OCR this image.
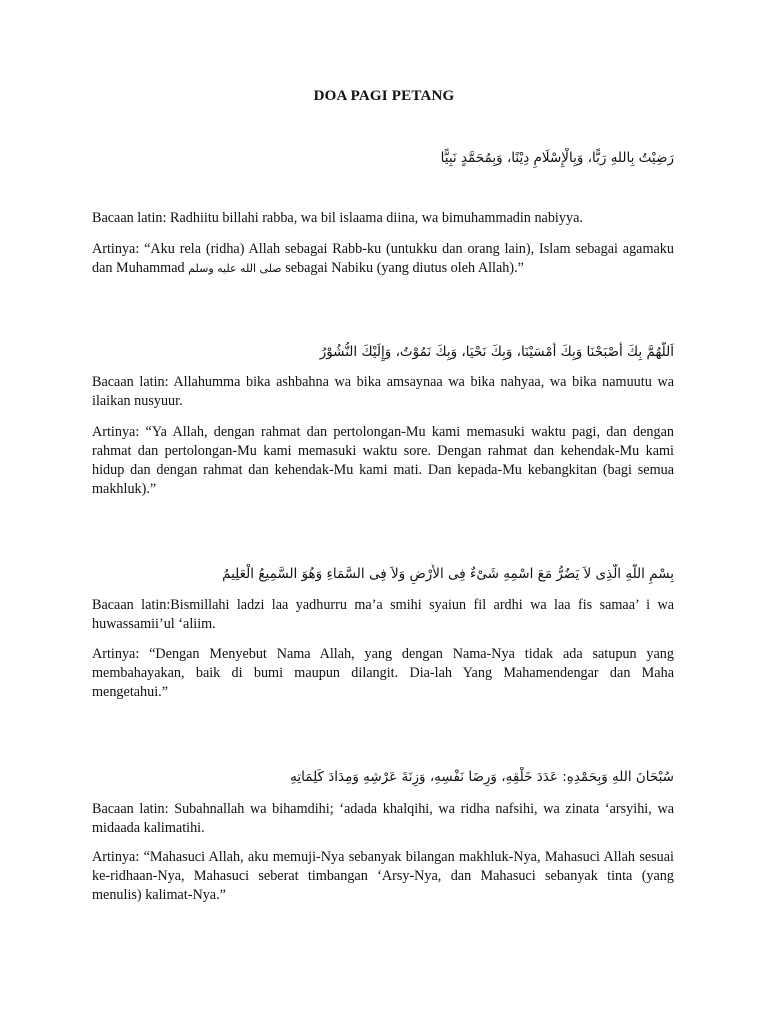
DOA PAGI PETANG
رَضِيْتُ بِاللهِ رَبًّا، وَبِالْإِسْلَامِ دِيْنًا، وَبِمُحَمَّدٍ نَبِيًّا
Bacaan latin: Radhiitu billahi rabba, wa bil islaama diina, wa bimuhammadin nabiyya.
Artinya: “Aku rela (ridha) Allah sebagai Rabb-ku (untukku dan orang lain), Islam sebagai agamaku dan Muhammad صلى الله عليه وسلم sebagai Nabiku (yang diutus oleh Allah).”
اَللَّهُمَّ بِكَ أَصْبَحْنَا وَبِكَ أَمْسَيْنَا، وَبِكَ نَحْيَا، وَبِكَ نَمُوْتُ، وَإِلَيْكَ النُّشُوْرُ
Bacaan latin: Allahumma bika ashbahna wa bika amsaynaa wa bika nahyaa, wa bika namuutu wa ilaikan nusyuur.
Artinya: “Ya Allah, dengan rahmat dan pertolongan-Mu kami memasuki waktu pagi, dan dengan rahmat dan pertolongan-Mu kami memasuki waktu sore. Dengan rahmat dan kehendak-Mu kami hidup dan dengan rahmat dan kehendak-Mu kami mati. Dan kepada-Mu kebangkitan (bagi semua makhluk).”
بِسْمِ اللَّهِ الَّذِى لاَ يَضُرُّ مَعَ اسْمِهِ شَىْءٌ فِى الأَرْضِ وَلاَ فِى السَّمَاءِ وَهُوَ السَّمِيعُ الْعَلِيمُ
Bacaan latin:Bismillahi ladzi laa yadhurru ma’a smihi syaiun fil ardhi wa laa fis samaa’ i wa huwassamii’ul ‘aliim.
Artinya: “Dengan Menyebut Nama Allah, yang dengan Nama-Nya tidak ada satupun yang membahayakan, baik di bumi maupun dilangit. Dia-lah Yang Mahamendengar dan Maha mengetahui.”
سُبْحَانَ اللهِ وَبِحَمْدِهِ: عَدَدَ خَلْقِهِ، وَرِضَا نَفْسِهِ، وَزِنَةَ عَرْشِهِ وَمِدَادَ كَلِمَاتِهِ
Bacaan latin: Subahnallah wa bihamdihi; ‘adada khalqihi, wa ridha nafsihi, wa zinata ‘arsyihi, wa midaada kalimatihi.
Artinya: “Mahasuci Allah, aku memuji-Nya sebanyak bilangan makhluk-Nya, Mahasuci Allah sesuai ke-ridhaan-Nya, Mahasuci seberat timbangan ‘Arsy-Nya, dan Mahasuci sebanyak tinta (yang menulis) kalimat-Nya.”
